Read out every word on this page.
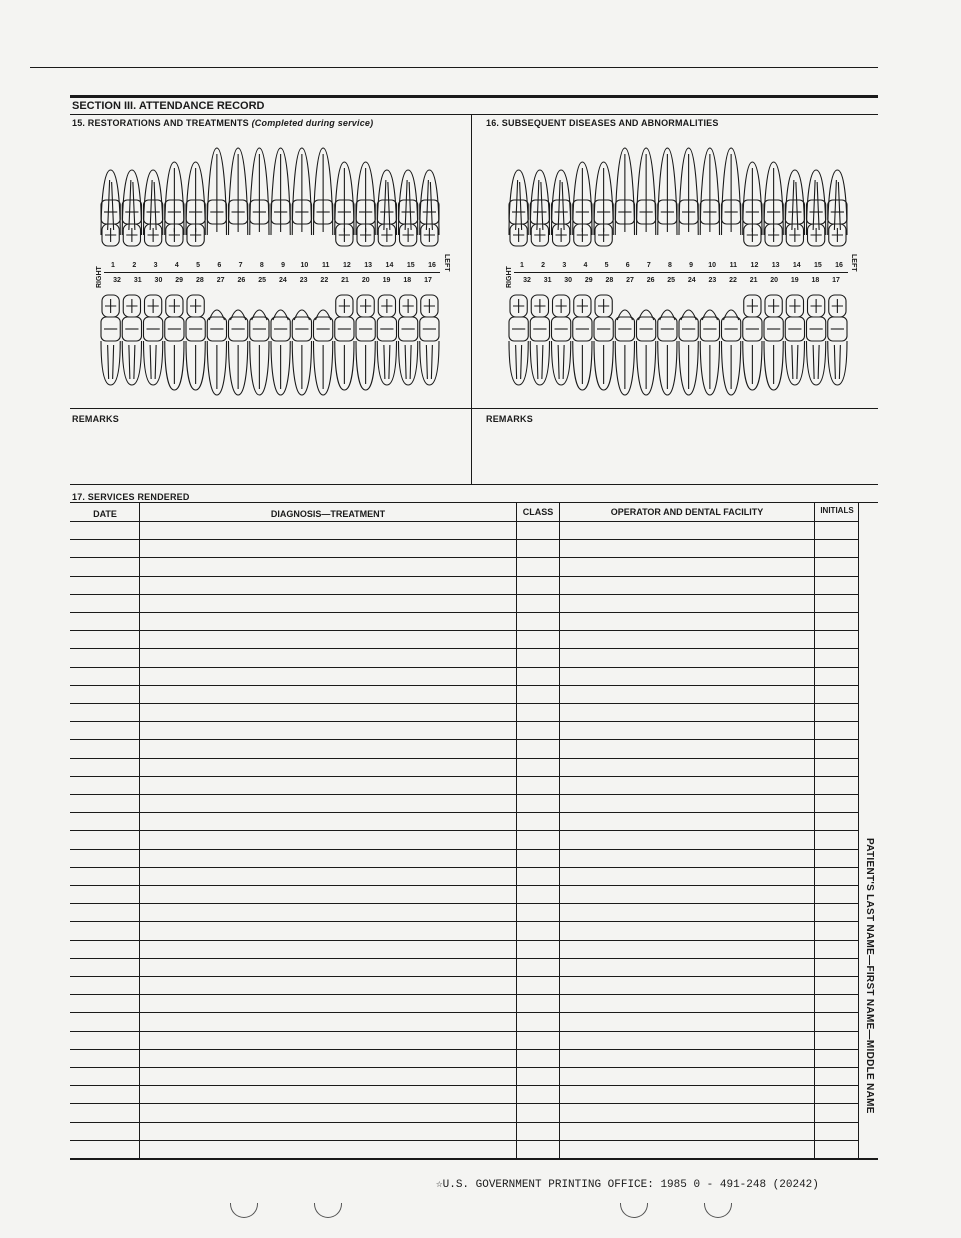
SECTION III. ATTENDANCE RECORD
15. RESTORATIONS AND TREATMENTS (Completed during service)	16. SUBSEQUENT DISEASES AND ABNORMALITIES
RIGHT
LEFT
1	2	3	4	5	6	7	8	9	10	11	12	13	14	15	16
32	31	30	29	28	27	26	25	24	23	22	21	20	19	18	17	RIGHT
LEFT
1	2	3	4	5	6	7	8	9	10	11	12	13	14	15	16
32	31	30	29	28	27	26	25	24	23	22	21	20	19	18	17
REMARKS	REMARKS
17. SERVICES RENDERED
DATE	DIAGNOSIS—TREATMENT	CLASS	OPERATOR AND DENTAL FACILITY	INITIALS
PATIENT'S LAST NAME—FIRST NAME—MIDDLE NAME
☆U.S. GOVERNMENT PRINTING OFFICE: 1985 0 - 491-248 (20242)
